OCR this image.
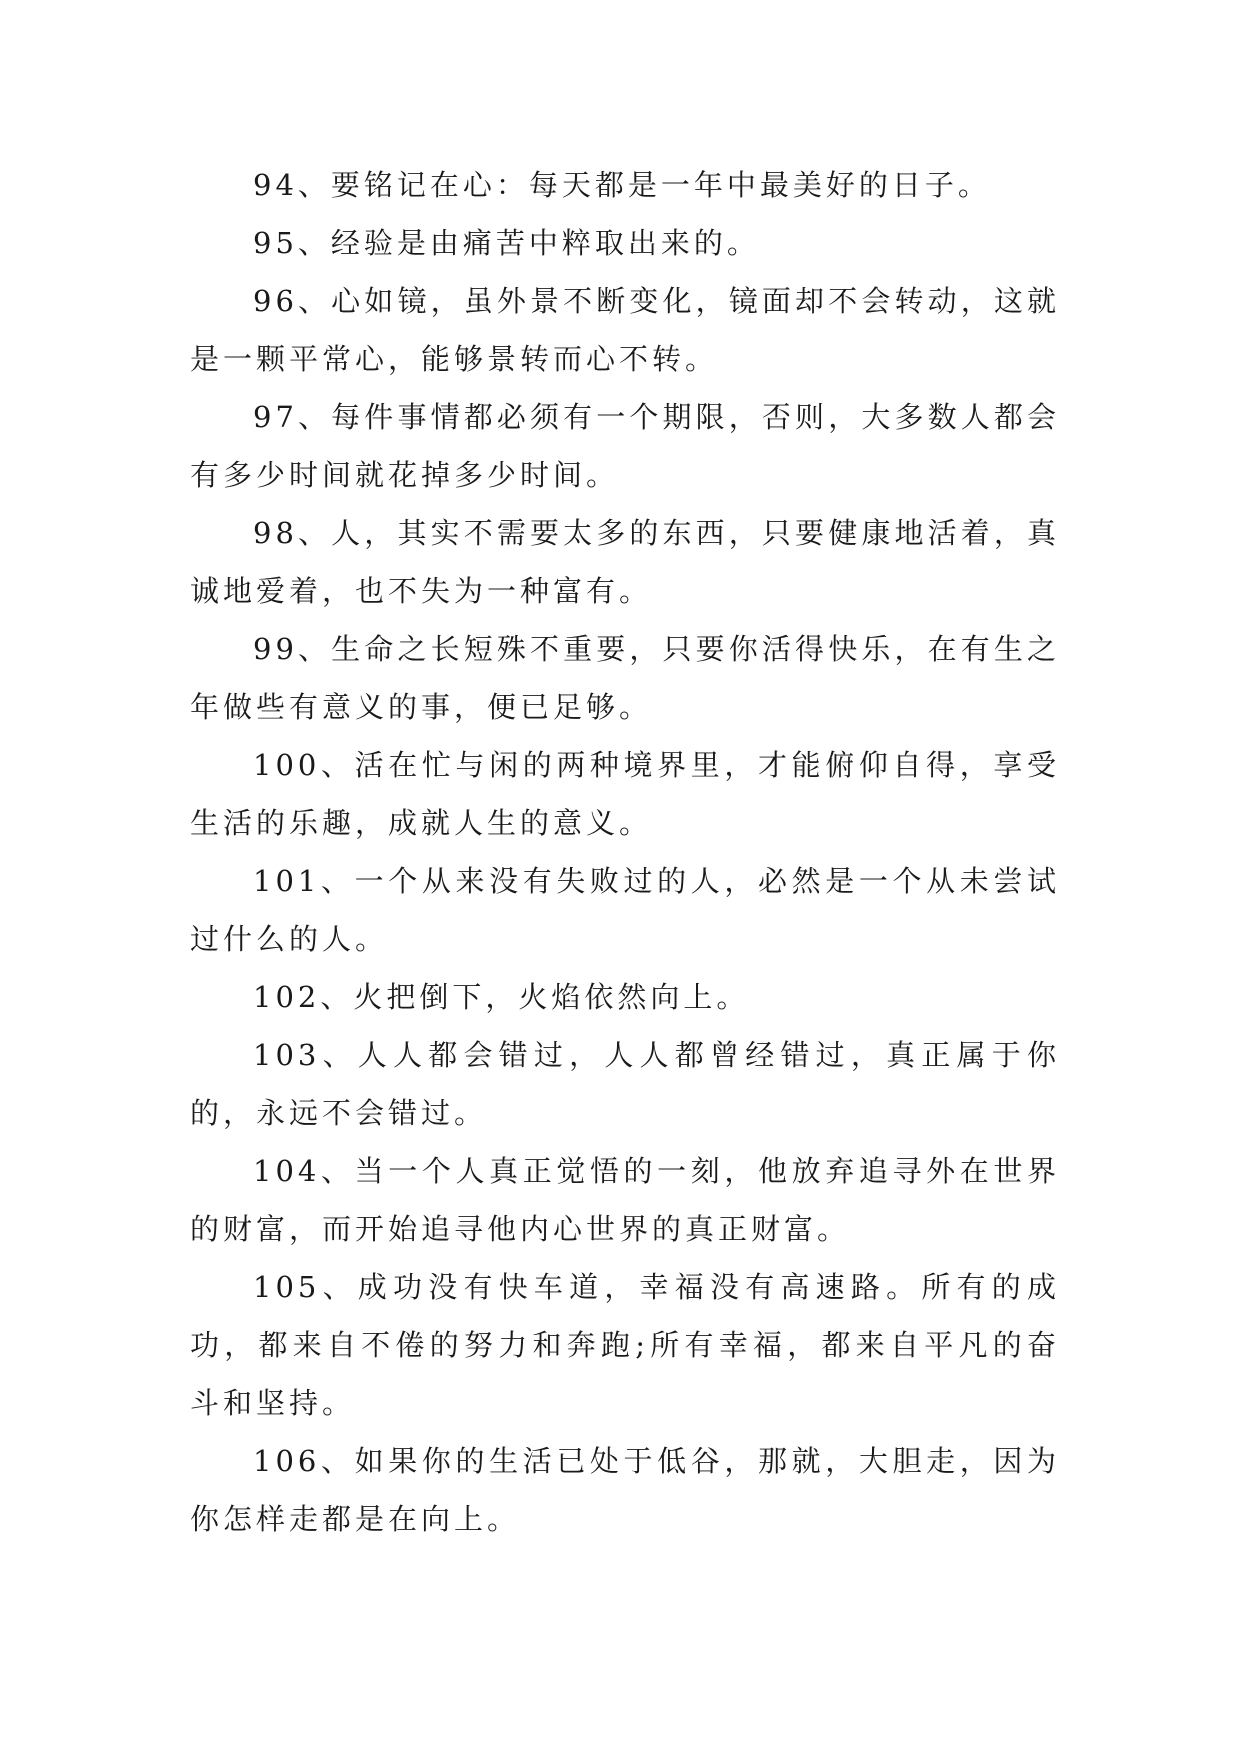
94、要铭记在心：每天都是一年中最美好的日子。

95、经验是由痛苦中粹取出来的。

96、心如镜，虽外景不断变化，镜面却不会转动，这就是一颗平常心，能够景转而心不转。

97、每件事情都必须有一个期限，否则，大多数人都会有多少时间就花掉多少时间。

98、人，其实不需要太多的东西，只要健康地活着，真诚地爱着，也不失为一种富有。

99、生命之长短殊不重要，只要你活得快乐，在有生之年做些有意义的事，便已足够。

100、活在忙与闲的两种境界里，才能俯仰自得，享受生活的乐趣，成就人生的意义。

101、一个从来没有失败过的人，必然是一个从未尝试过什么的人。

102、火把倒下，火焰依然向上。

103、人人都会错过，人人都曾经错过，真正属于你的，永远不会错过。

104、当一个人真正觉悟的一刻，他放弃追寻外在世界的财富，而开始追寻他内心世界的真正财富。

105、成功没有快车道，幸福没有高速路。所有的成功，都来自不倦的努力和奔跑;所有幸福，都来自平凡的奋斗和坚持。

106、如果你的生活已处于低谷，那就，大胆走，因为你怎样走都是在向上。
